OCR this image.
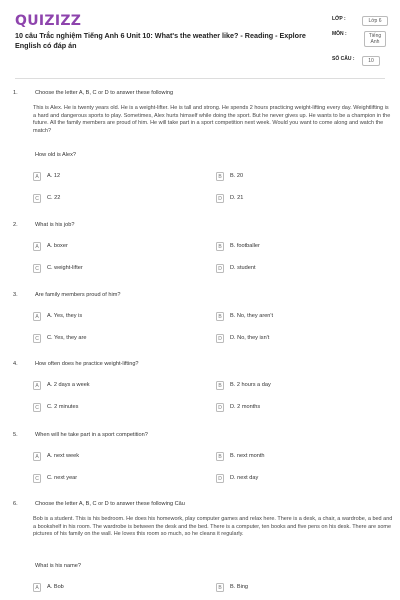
QUIZIZZ
10 câu Trắc nghiệm Tiếng Anh 6 Unit 10: What's the weather like? - Reading - Explore English có đáp án
LỚP :	Lớp 6
MÔN :	Tiếng Anh
SỐ CÂU :	10
1.	Choose the letter A, B, C or D to answer these following
This is Alex. He is twenty years old. He is a weight-lifter. He is tall and strong. He spends 2 hours practicing weight-lifting every day. Weightlifting is a hard and dangerous sports to play. Sometimes, Alex hurts himself while doing the sport. But he never gives up. He wants to be a champion in the future. All the family members are proud of him. He will take part in a sport competition next week. Would you want to come along and watch the match?
How old is Alex?
A	A. 12	B	B. 20
C	C. 22	D	D. 21
2.	What is his job?
A	A. boxer	B	B. footballer
C	C. weight-lifter	D	D. student
3.	Are family members proud of him?
A	A. Yes, they is	B	B. No, they aren't
C	C. Yes, they are	D	D. No, they isn't
4.	How often does he practice weight-lifting?
A	A. 2 days a week	B	B. 2 hours a day
C	C. 2 minutes	D	D. 2 months
5.	When will he take part in a sport competition?
A	A. next week	B	B. next month
C	C. next year	D	D. next day
6.	Choose the letter A, B, C or D to answer these following Câu
Bob is a student. This is his bedroom. He does his homework, play computer games and relax here. There is a desk, a chair, a wardrobe, a bed and a bookshelf in his room. The wardrobe is between the desk and the bed. There is a computer, ten books and five pens on his desk. There are some pictures of his family on the wall. He loves this room so much, so he cleans it regularly.
What is his name?
A	A. Bob	B	B. Bing
